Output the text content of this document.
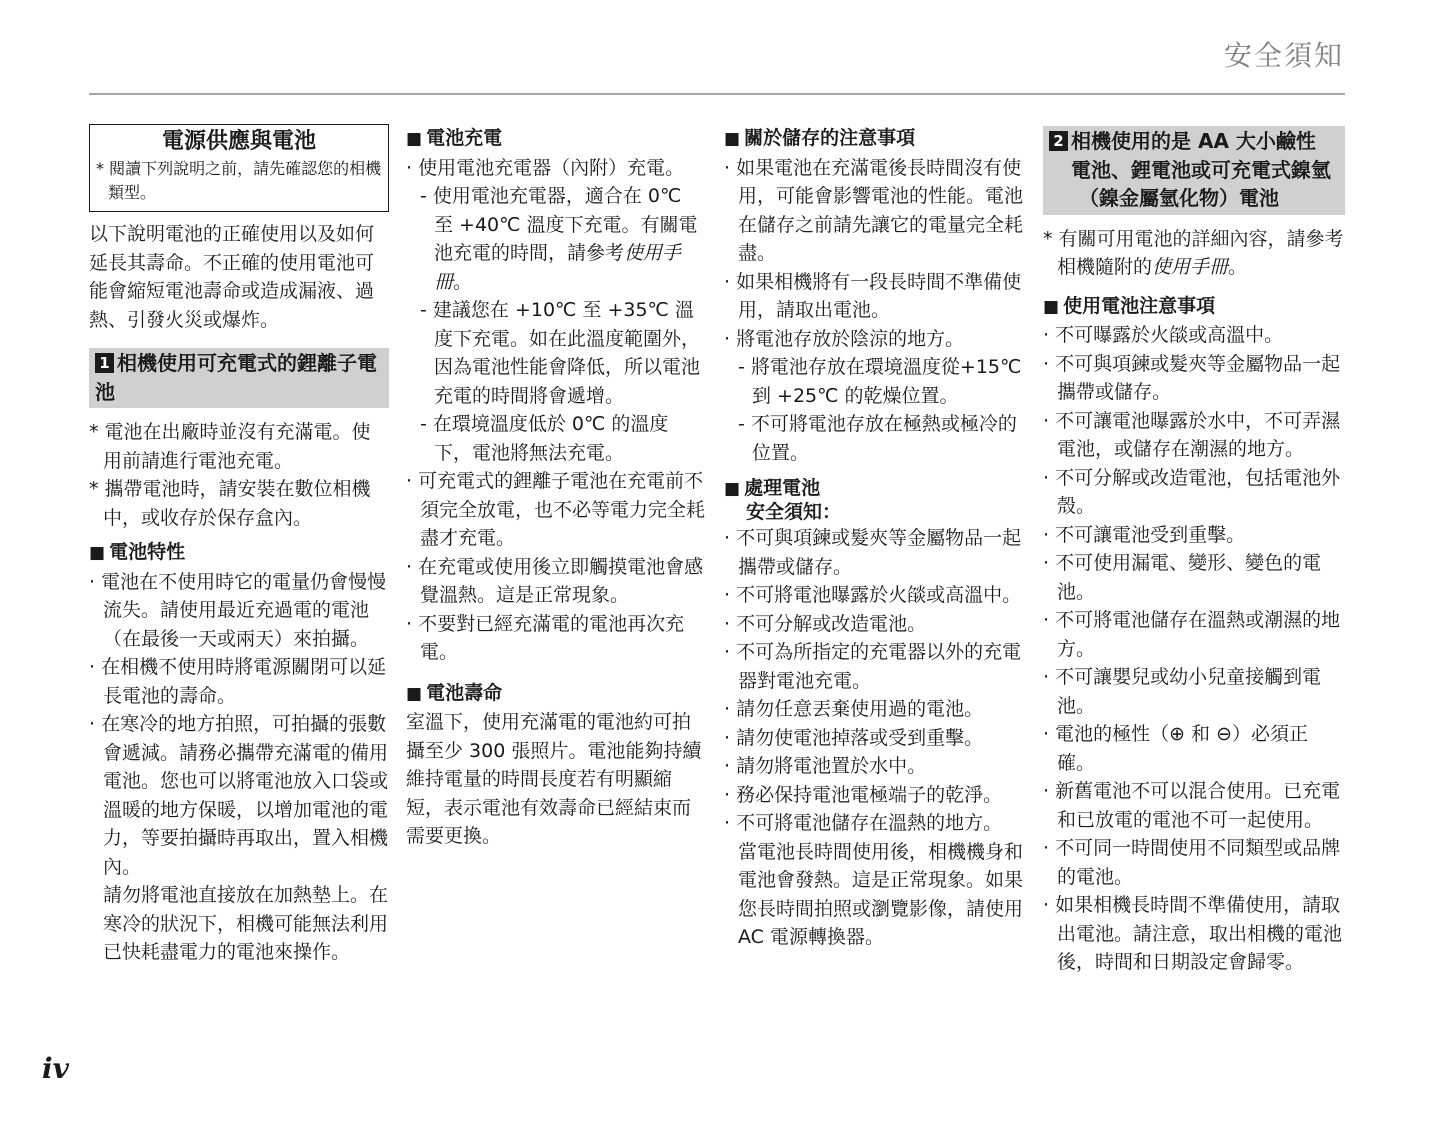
安全須知
電源供應與電池
* 閱讀下列說明之前，請先確認您的相機類型。
以下說明電池的正確使用以及如何延長其壽命。不正確的使用電池可能會縮短電池壽命或造成漏液、過熱、引發火災或爆炸。
1 相機使用可充電式的鋰離子電池
* 電池在出廠時並沒有充滿電。使用前請進行電池充電。
* 攜帶電池時，請安裝在數位相機中，或收存於保存盒內。
■ 電池特性
· 電池在不使用時它的電量仍會慢慢流失。請使用最近充過電的電池（在最後一天或兩天）來拍攝。
· 在相機不使用時將電源關閉可以延長電池的壽命。
· 在寒冷的地方拍照，可拍攝的張數會遞減。請務必攜帶充滿電的備用電池。您也可以將電池放入口袋或溫暖的地方保暖，以增加電池的電力，等要拍攝時再取出，置入相機內。
請勿將電池直接放在加熱墊上。在寒冷的狀況下，相機可能無法利用已快耗盡電力的電池來操作。
■ 電池充電
· 使用電池充電器（內附）充電。
- 使用電池充電器，適合在 0℃ 至 +40℃ 溫度下充電。有關電池充電的時間，請參考使用手冊。
- 建議您在 +10℃ 至 +35℃ 溫度下充電。如在此溫度範圍外，因為電池性能會降低，所以電池充電的時間將會遞增。
- 在環境溫度低於 0℃ 的溫度下，電池將無法充電。
· 可充電式的鋰離子電池在充電前不須完全放電，也不必等電力完全耗盡才充電。
· 在充電或使用後立即觸摸電池會感覺溫熱。這是正常現象。
· 不要對已經充滿電的電池再次充電。
■ 電池壽命
室溫下，使用充滿電的電池約可拍攝至少 300 張照片。電池能夠持續維持電量的時間長度若有明顯縮短，表示電池有效壽命已經結束而需要更換。
■ 關於儲存的注意事項
· 如果電池在充滿電後長時間沒有使用，可能會影響電池的性能。電池在儲存之前請先讓它的電量完全耗盡。
· 如果相機將有一段長時間不準備使用，請取出電池。
· 將電池存放於陰涼的地方。
- 將電池存放在環境溫度從+15℃ 到 +25℃ 的乾燥位置。
- 不可將電池存放在極熱或極冷的位置。
■ 處理電池
安全須知：
· 不可與項鍊或髮夾等金屬物品一起攜帶或儲存。
· 不可將電池曝露於火燄或高溫中。
· 不可分解或改造電池。
· 不可為所指定的充電器以外的充電器對電池充電。
· 請勿任意丟棄使用過的電池。
· 請勿使電池掉落或受到重擊。
· 請勿將電池置於水中。
· 務必保持電池電極端子的乾淨。
· 不可將電池儲存在溫熱的地方。
當電池長時間使用後，相機機身和電池會發熱。這是正常現象。如果您長時間拍照或瀏覽影像，請使用 AC 電源轉換器。
2 相機使用的是 AA 大小鹼性
電池、鋰電池或可充電式鎳氫
（鎳金屬氫化物）電池
* 有關可用電池的詳細內容，請參考相機隨附的使用手冊。
■ 使用電池注意事項
· 不可曝露於火燄或高溫中。
· 不可與項鍊或髮夾等金屬物品一起攜帶或儲存。
· 不可讓電池曝露於水中，不可弄濕電池，或儲存在潮濕的地方。
· 不可分解或改造電池，包括電池外殼。
· 不可讓電池受到重擊。
· 不可使用漏電、變形、變色的電池。
· 不可將電池儲存在溫熱或潮濕的地方。
· 不可讓嬰兒或幼小兒童接觸到電池。
· 電池的極性（⊕ 和 ⊖）必須正確。
· 新舊電池不可以混合使用。已充電和已放電的電池不可一起使用。
· 不可同一時間使用不同類型或品牌的電池。
· 如果相機長時間不準備使用，請取出電池。請注意，取出相機的電池後，時間和日期設定會歸零。
iv
